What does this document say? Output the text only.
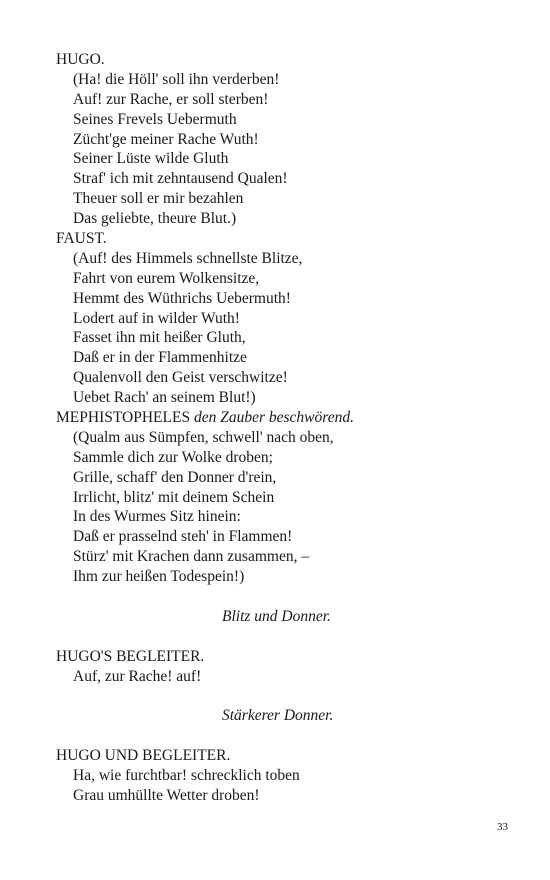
HUGO.
(Ha! die Höll' soll ihn verderben!
Auf! zur Rache, er soll sterben!
Seines Frevels Uebermuth
Zücht'ge meiner Rache Wuth!
Seiner Lüste wilde Gluth
Straf' ich mit zehntausend Qualen!
Theuer soll er mir bezahlen
Das geliebte, theure Blut.)
FAUST.
(Auf! des Himmels schnellste Blitze,
Fahrt von eurem Wolkensitze,
Hemmt des Wüthrichs Uebermuth!
Lodert auf in wilder Wuth!
Fasset ihn mit heißer Gluth,
Daß er in der Flammenhitze
Qualenvoll den Geist verschwitze!
Uebet Rach' an seinem Blut!)
MEPHISTOPHELES den Zauber beschwörend.
(Qualm aus Sümpfen, schwell' nach oben,
Sammle dich zur Wolke droben;
Grille, schaff' den Donner d'rein,
Irrlicht, blitz' mit deinem Schein
In des Wurmes Sitz hinein:
Daß er prasselnd steh' in Flammen!
Stürz' mit Krachen dann zusammen, –
Ihm zur heißen Todespein!)
Blitz und Donner.
HUGO'S BEGLEITER.
Auf, zur Rache! auf!
Stärkerer Donner.
HUGO UND BEGLEITER.
Ha, wie furchtbar! schrecklich toben
Grau umhüllte Wetter droben!
33
